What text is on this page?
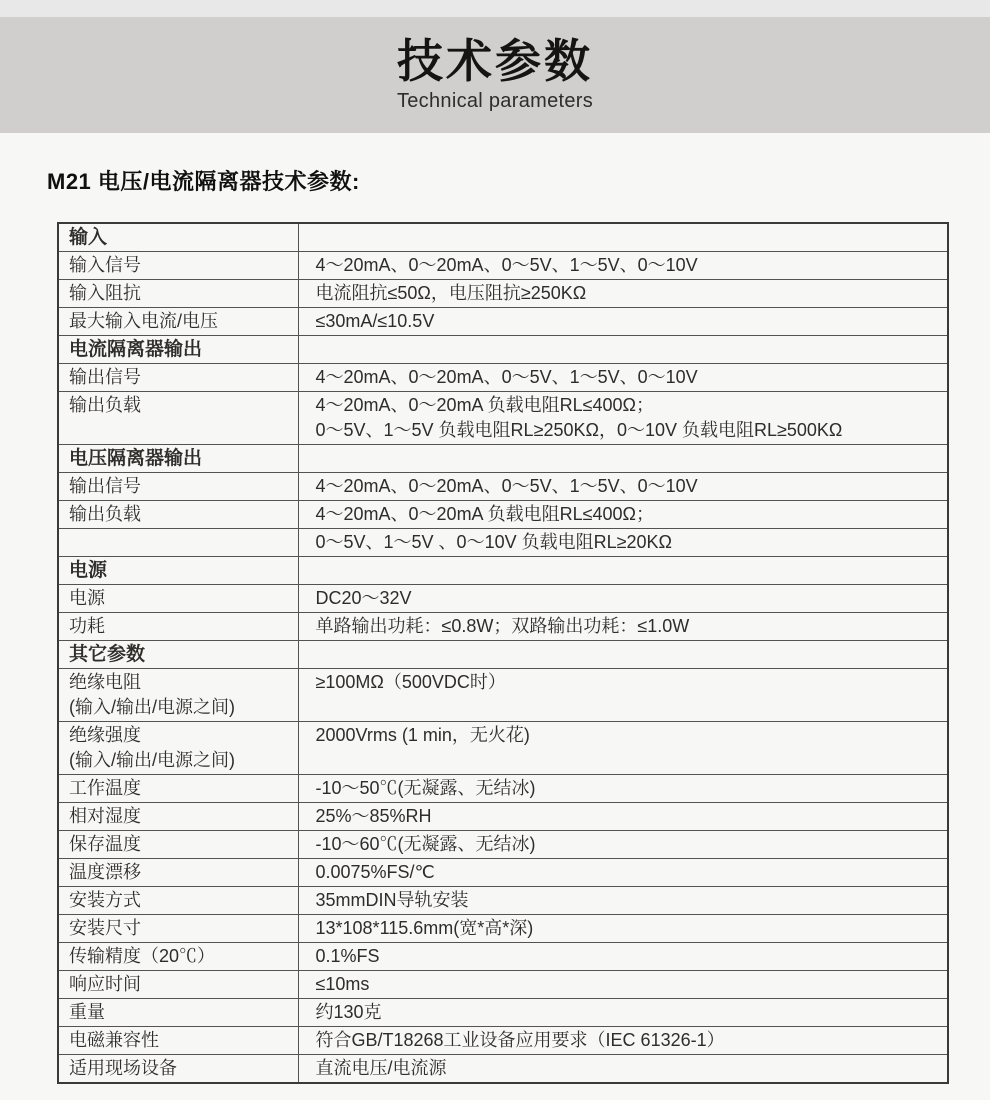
技术参数
Technical parameters
M21 电压/电流隔离器技术参数:
输入	

输入信号	4～20mA、0～20mA、0～5V、1～5V、0～10V

输入阻抗	电流阻抗≤50Ω，电压阻抗≥250KΩ

最大输入电流/电压	≤30mA/≤10.5V

电流隔离器输出	

输出信号	4～20mA、0～20mA、0～5V、1～5V、0～10V

输出负载	4～20mA、0～20mA 负载电阻RL≤400Ω；
0～5V、1～5V 负载电阻RL≥250KΩ，0～10V 负载电阻RL≥500KΩ

电压隔离器输出	

输出信号	4～20mA、0～20mA、0～5V、1～5V、0～10V

输出负载	4～20mA、0～20mA 负载电阻RL≤400Ω；

	0～5V、1～5V 、0～10V 负载电阻RL≥20KΩ

电源	

电源	DC20～32V

功耗	单路输出功耗：≤0.8W；双路输出功耗：≤1.0W

其它参数	

绝缘电阻
(输入/输出/电源之间)	≥100MΩ（500VDC时）

绝缘强度
(输入/输出/电源之间)	2000Vrms (1 min，无火花)

工作温度	-10～50℃(无凝露、无结冰)

相对湿度	25%～85%RH

保存温度	-10～60℃(无凝露、无结冰)

温度漂移	0.0075%FS/℃

安装方式	35mmDIN导轨安装

安装尺寸	13*108*115.6mm(宽*高*深)

传输精度（20℃）	0.1%FS

响应时间	≤10ms

重量	约130克

电磁兼容性	符合GB/T18268工业设备应用要求（IEC 61326-1）

适用现场设备	直流电压/电流源
